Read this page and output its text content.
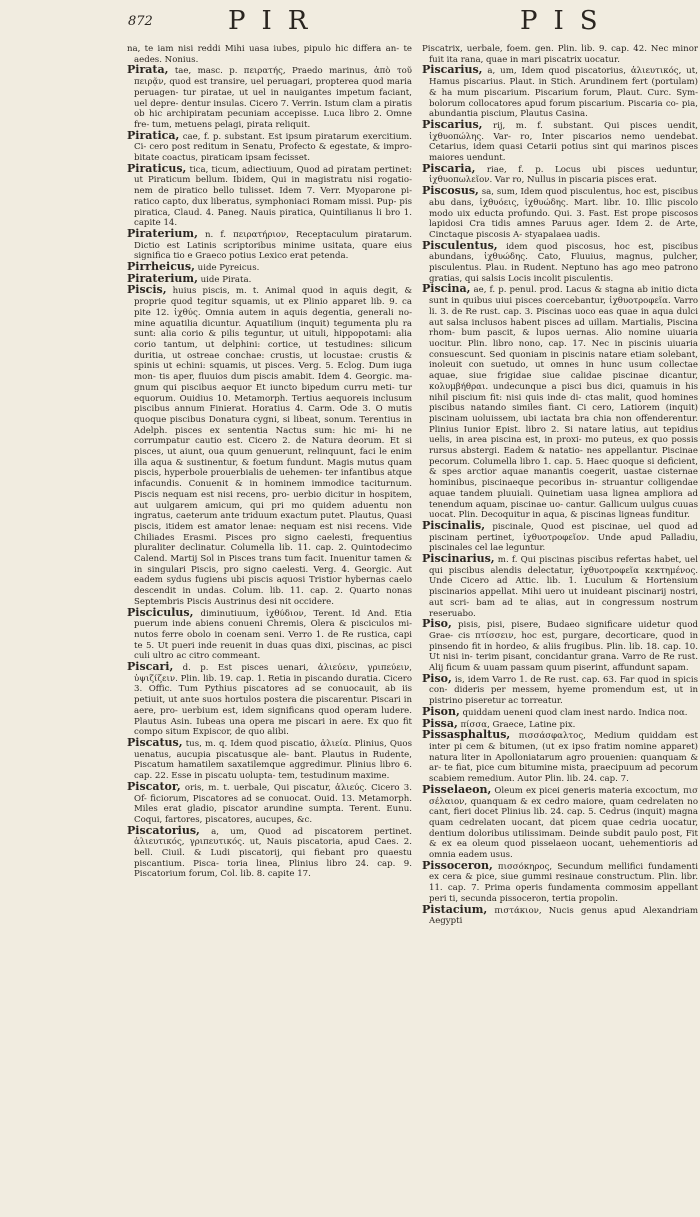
872	PIR	PIS

na, te iam nisi reddi Mihi uasa iubes, pipulo hic differa an- te aedes. Nonius.

Pirata, tae, masc. p. πειρατής, Praedo marinus, ἀπὸ τοῦ πειρᾷν, quod est transire, uel peruagari, propterea quod maria peruagen- tur piratae, ut uel in nauigantes impetum faciant, uel depre- dentur insulas. Cicero 7. Verrin. Istum clam a piratis ob hic archipiratam pecuniam accepisse. Luca libro 2. Omne fre- tum, metuens pelagi, pirata reliquit.

Piratica, cae, f. p. substant. Est ipsum piratarum exercitium. Ci- cero post reditum in Senatu, Profecto & egestate, & impro- bitate coactus, piraticam ipsam fecisset.

Piraticus, tica, ticum, adiectiuum, Quod ad piratam pertinet: ut Piraticum bellum. Ibidem, Qui in magistratu nisi rogatio- nem de piratico bello tulisset. Idem 7. Verr. Myoparone pi- ratico capto, dux liberatus, symphoniaci Romam missi. Pup- pis piratica, Claud. 4. Paneg. Nauis piratica, Quintilianus li bro 1. capite 14.

Piraterium, n. f. πειρατήριον, Receptaculum piratarum. Dictio est Latinis scriptoribus minime usitata, quare eius significa tio e Graeco potius Lexico erat petenda.

Pirrheicus, uide Pyreicus.

Piraterium, uide Pirata.

Piscis, huius piscis, m. t. Animal quod in aquis degit, & proprie quod tegitur squamis, ut ex Plinio apparet lib. 9. ca pite 12. ἰχθύς. Omnia autem in aquis degentia, generali no- mine aquatilia dicuntur. Aquatilium (inquit) tegumenta plu ra sunt: alia corio & pilis teguntur, ut uituli, hippopotami: alia corio tantum, ut delphini: cortice, ut testudines: silicum duritia, ut ostreae conchae: crustis, ut locustae: crustis & spinis ut echini: squamis, ut pisces. Verg. 5. Eclog. Dum iuga mon- tis aper, fluuios dum piscis amabit. Idem 4. Georgic. ma- gnum qui piscibus aequor Et iuncto bipedum curru meti- tur equorum. Ouidius 10. Metamorph. Tertius aequoreis inclusum piscibus annum Finierat. Horatius 4. Carm. Ode 3. O mutis quoque piscibus Donatura cygni, si libeat, sonum. Terentius in Adelph. pisces ex sententia Nactus sum: hic mi- hi ne corrumpatur cautio est. Cicero 2. de Natura deorum. Et si pisces, ut aiunt, oua quum genuerunt, relinquunt, faci le enim illa aqua & sustinentur, & foetum fundunt. Magis mutus quam piscis, hyperbole prouerbialis de uehemen- ter infantibus atque infacundis. Conuenit & in hominem immodice taciturnum. Piscis nequam est nisi recens, pro- uerbio dicitur in hospitem, aut uulgarem amicum, qui pri mo quidem aduentu non ingratus, caeterum ante triduum exactum putet. Plautus, Quasi piscis, itidem est amator lenae: nequam est nisi recens. Vide Chiliades Erasmi. Pisces pro signo caelesti, frequentius pluraliter declinatur. Columella lib. 11. cap. 2. Quintodecimo Calend. Martij Sol in Pisces trans tum facit. Inuenitur tamen & in singulari Piscis, pro signo caelesti. Verg. 4. Georgic. Aut eadem sydus fugiens ubi piscis aquosi Tristior hybernas caelo descendit in undas. Colum. lib. 11. cap. 2. Quarto nonas Septembris Piscis Austrinus desi nit occidere.

Pisciculus, diminutiuum, ἰχθύδιον, Terent. Id And. Etia puerum inde abiens conueni Chremis, Olera & pisciculos mi- nutos ferre obolo in coenam seni. Verro 1. de Re rustica, capi te 5. Ut pueri inde reuenit in duas quas dixi, piscinas, ac pisci culi ultro ac citro commeant.

Piscari, d. p. Est pisces uenari, ἁλιεύειν, γριπεύειν, ὑψιζίζειν. Plin. lib. 19. cap. 1. Retia in piscando duratia. Cicero 3. Offic. Tum Pythius piscatores ad se conuocauit, ab iis petiuit, ut ante suos hortulos postera die piscarentur. Piscari in aere, pro- uerbium est, idem significans quod operam ludere. Plautus Asin. Iubeas una opera me piscari in aere. Ex quo fit compo situm Expiscor, de quo alibi.

Piscatus, tus, m. q. Idem quod piscatio, ἁλιεία. Plinius, Quos uenatus, aucupia piscatusque ale- bant. Plautus in Rudente, Piscatum hamatilem saxatilemque aggredimur. Plinius libro 6. cap. 22. Esse in piscatu uolupta- tem, testudinum maxime.

Piscator, oris, m. t. uerbale, Qui piscatur, ἁλιεύς. Cicero 3. Of- ficiorum, Piscatores ad se conuocat. Ouid. 13. Metamorph. Miles erat gladio, piscator arundine sumpta. Terent. Eunu. Coqui, fartores, piscatores, aucupes, &c.

Piscatorius, a, um, Quod ad piscatorem pertinet. ἁλιευτικός, γριπευτικός. ut, Nauis piscatoria, apud Caes. 2. bell. Ciuil. & Ludi piscatorij, qui fiebant pro quaestu piscantium. Pisca- toria linea, Plinius libro 24. cap. 9. Piscatorium forum, Col. lib. 8. capite 17.

Piscatrix, uerbale, foem. gen. Plin. lib. 9. cap. 42. Nec minor fuit ita rana, quae in mari piscatrix uocatur.

Piscarius, a, um, Idem quod piscatorius, ἁλιευτικός, ut, Hamus piscarius. Plaut. in Stich. Arundinem fert (portulam) & ha mum piscarium. Piscarium forum, Plaut. Curc. Sym- bolorum collocatores apud forum piscarium. Piscaria co- pia, abundantia piscium, Plautus Casina.

Piscarius, rij, m. f. substant. Qui pisces uendit, ἰχθυοπώλης. Var- ro, Inter piscarios nemo uendebat. Cetarius, idem quasi Cetarii potius sint qui marinos pisces maiores uendunt.

Piscaria, riae, f. p. Locus ubi pisces ueduntur, ἰχθυοπωλεῖον. Var ro, Nullus in piscaria pisces erat.

Piscosus, sa, sum, Idem quod pisculentus, hoc est, piscibus abu dans, ἰχθυόεις, ἰχθυώδης. Mart. libr. 10. Illic piscolo modo uix educta profundo. Qui. 3. Fast. Est prope piscosos lapidosi Cra tidis amnes Paruus ager. Idem 2. de Arte, Cinctaque piscosis A- styapalaea uadis.

Pisculentus, idem quod piscosus, hoc est, piscibus abundans, ἰχθυώδης. Cato, Fluuius, magnus, pulcher, pisculentus. Plau. in Rudent. Neptuno has ago meo patrono gratias, qui salsis Locis incolit pisculentis.

Piscina, ae, f. p. penul. prod. Lacus & stagna ab initio dicta sunt in quibus uiui pisces coercebantur, ἰχθυοτροφεῖα. Varro li. 3. de Re rust. cap. 3. Piscinas uoco eas quae in aqua dulci aut salsa inclusos habent pisces ad uillam. Martialis, Piscina rhom- bum pascit, & lupos uernas. Alio nomine uiuaria uocitur. Plin. libro nono, cap. 17. Nec in piscinis uiuaria consuescunt. Sed quoniam in piscinis natare etiam solebant, inoleuit con suetudo, ut omnes in hunc usum collectae aquae, siue frigidae siue calidae piscinae dicantur, κολυμβήθραι. undecunque a pisci bus dici, quamuis in his nihil piscium fit: nisi quis inde di- ctas malit, quod homines piscibus natando similes fiant. Ci cero, Latiorem (inquit) piscinam uoluissem, ubi iactata bra chia non offenderentur. Plinius Iunior Epist. libro 2. Si natare latius, aut tepidius uelis, in area piscina est, in proxi- mo puteus, ex quo possis rursus abstergi. Eadem & natatio- nes appellantur. Piscinae pecorum. Columella libro 1. cap. 5. Haec quoque si deficient, & spes arctior aquae manantis coegerit, uastae cisternae hominibus, piscinaeque pecoribus in- struantur colligendae aquae tandem pluuiali. Quinetiam uasa lignea ampliora ad tenendum aquam, piscinae uo- cantur. Gallicum uulgus cuuas uocat. Plin. Decoquitur in aqua, & piscinas ligneas funditur.

Piscinalis, piscinale, Quod est piscinae, uel quod ad piscinam pertinet, ἰχθυοτροφεῖον. Unde apud Palladiu, piscinales cel lae leguntur.

Piscinarius, m. f. Qui piscinas piscibus refertas habet, uel qui piscibus alendis delectatur, ἰχθυοτροφεῖα κεκτημένος. Unde Cicero ad Attic. lib. 1. Luculum & Hortensium piscinarios appellat. Mihi uero ut inuideant piscinarij nostri, aut scri- bam ad te alias, aut in congressum nostrum reseruabo.

Piso, pisis, pisi, pisere, Budaeo significare uidetur quod Grae- cis πτίσσειν, hoc est, purgare, decorticare, quod in pinsendo fit in hordeo, & aliis frugibus. Plin. lib. 18. cap. 10. Ut nisi in- terim pisant, concidantur grana. Varro de Re rust. Alij ficum & uuam passam quum piserint, affundunt sapam.

Piso, is, idem Varro 1. de Re rust. cap. 63. Far quod in spicis con- dideris per messem, hyeme promendum est, ut in pistrino piseretur ac torreatur.

Pison, quiddam ueneni quod clam inest nardo. Indica ποα.

Pissa, πίσσα, Graece, Latine pix.

Pissasphaltus, πισσάσφαλτος, Medium quiddam est inter pi cem & bitumen, (ut ex ipso fratim nomine apparet) natura liter in Apolloniatarum agro prouenien: quanquam & ar- te fiat, pice cum bitumine mista, praecipuum ad pecorum scabiem remedium. Autor Plin. lib. 24. cap. 7.

Pisselaeon, Oleum ex picei generis materia excoctum, πισ σέλαιον, quanquam & ex cedro maiore, quam cedrelaten no cant, fieri docet Plinius lib. 24. cap. 5. Cedrus (inquit) magna quam cedrelaten uocant, dat picem quae cedria uocatur, dentium doloribus utilissimam. Deinde subdit paulo post, Fit & ex ea oleum quod pisselaeon uocant, uehementioris ad omnia eadem usus.

Pissoceron, πισσόκηρος, Secundum mellifici fundamenti ex cera & pice, siue gummi resinaue constructum. Plin. libr. 11. cap. 7. Prima operis fundamenta commosim appellant peri ti, secunda pissoceron, tertia propolin.

Pistacium, πιστάκιον, Nucis genus apud Alexandriam Aegypti
